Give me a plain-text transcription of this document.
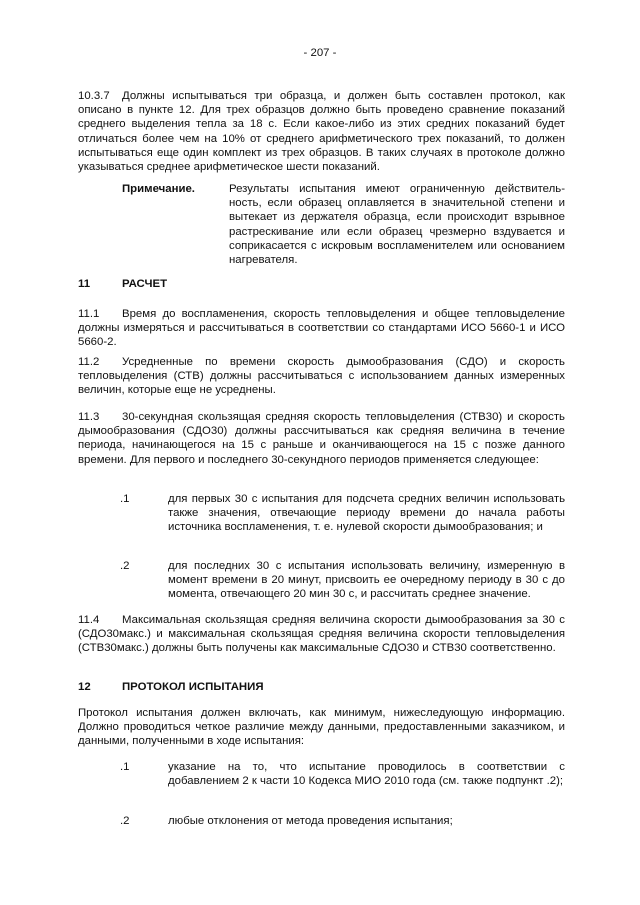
- 207 -
10.3.7 Должны испытываться три образца, и должен быть составлен протокол, как описано в пункте 12. Для трех образцов должно быть проведено сравнение показаний среднего выделения тепла за 18 с. Если какое-либо из этих средних показаний будет отличаться более чем на 10% от среднего арифметического трех показаний, то должен испытываться еще один комплект из трех образцов. В таких случаях в протоколе должно указываться среднее арифметическое шести показаний.
Примечание.	Результаты испытания имеют ограниченную действитель-ность, если образец оплавляется в значительной степени и вытекает из держателя образца, если происходит взрывное растрескивание или если образец чрезмерно вздувается и соприкасается с искровым воспламенителем или основанием нагревателя.
11	РАСЧЕТ
11.1 Время до воспламенения, скорость тепловыделения и общее тепловыделение должны измеряться и рассчитываться в соответствии со стандартами ИСО 5660-1 и ИСО 5660-2.
11.2 Усредненные по времени скорость дымообразования (СДО) и скорость тепловыделения (СТВ) должны рассчитываться с использованием данных измеренных величин, которые еще не усреднены.
11.3 30-секундная скользящая средняя скорость тепловыделения (СТВ30) и скорость дымообразования (СДО30) должны рассчитываться как средняя величина в течение периода, начинающегося на 15 с раньше и оканчивающегося на 15 с позже данного времени. Для первого и последнего 30-секундного периодов применяется следующее:
.1	для первых 30 с испытания для подсчета средних величин использовать также значения, отвечающие периоду времени до начала работы источника воспламенения, т. е. нулевой скорости дымообразования; и
.2	для последних 30 с испытания использовать величину, измеренную в момент времени в 20 минут, присвоить ее очередному периоду в 30 с до момента, отвечающего 20 мин 30 с, и рассчитать среднее значение.
11.4 Максимальная скользящая средняя величина скорости дымообразования за 30 с (СДО30макс.) и максимальная скользящая средняя величина скорости тепловыделения (СТВ30макс.) должны быть получены как максимальные СДО30 и СТВ30 соответственно.
12	ПРОТОКОЛ ИСПЫТАНИЯ
Протокол испытания должен включать, как минимум, нижеследующую информацию. Должно проводиться четкое различие между данными, предоставленными заказчиком, и данными, полученными в ходе испытания:
.1	указание на то, что испытание проводилось в соответствии с добавлением 2 к части 10 Кодекса МИО 2010 года (см. также подпункт .2);
.2	любые отклонения от метода проведения испытания;
